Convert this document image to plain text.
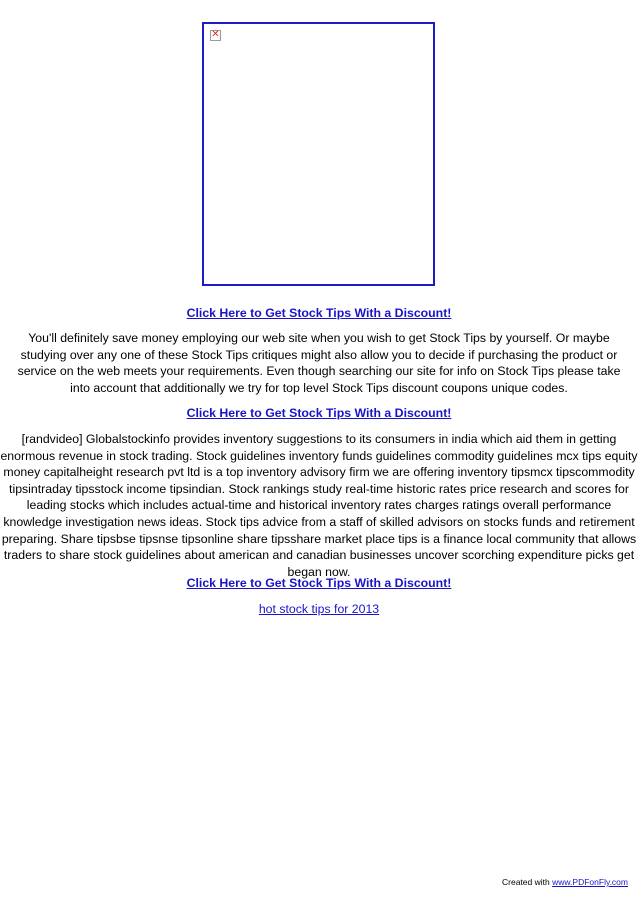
✕
Click Here to Get Stock Tips With a Discount!
You'll definitely save money employing our web site when you wish to get Stock Tips by yourself. Or maybe studying over any one of these Stock Tips critiques might also allow you to decide if purchasing the product or service on the web meets your requirements. Even though searching our site for info on Stock Tips please take into account that additionally we try for top level Stock Tips discount coupons unique codes.
Click Here to Get Stock Tips With a Discount!
[randvideo] Globalstockinfo provides inventory suggestions to its consumers in india which aid them in getting enormous revenue in stock trading. Stock guidelines inventory funds guidelines commodity guidelines mcx tips equity money capitalheight research pvt ltd is a top inventory advisory firm we are offering inventory tipsmcx tipscommodity tipsintraday tipsstock income tipsindian. Stock rankings study real-time historic rates price research and scores for leading stocks which includes actual-time and historical inventory rates charges ratings overall performance knowledge investigation news ideas. Stock tips advice from a staff of skilled advisors on stocks funds and retirement preparing. Share tipsbse tipsnse tipsonline share tipsshare market place tips is a finance local community that allows traders to share stock guidelines about american and canadian businesses uncover scorching expenditure picks get began now.
Click Here to Get Stock Tips With a Discount!
hot stock tips for 2013
Created with www.PDFonFly.com
